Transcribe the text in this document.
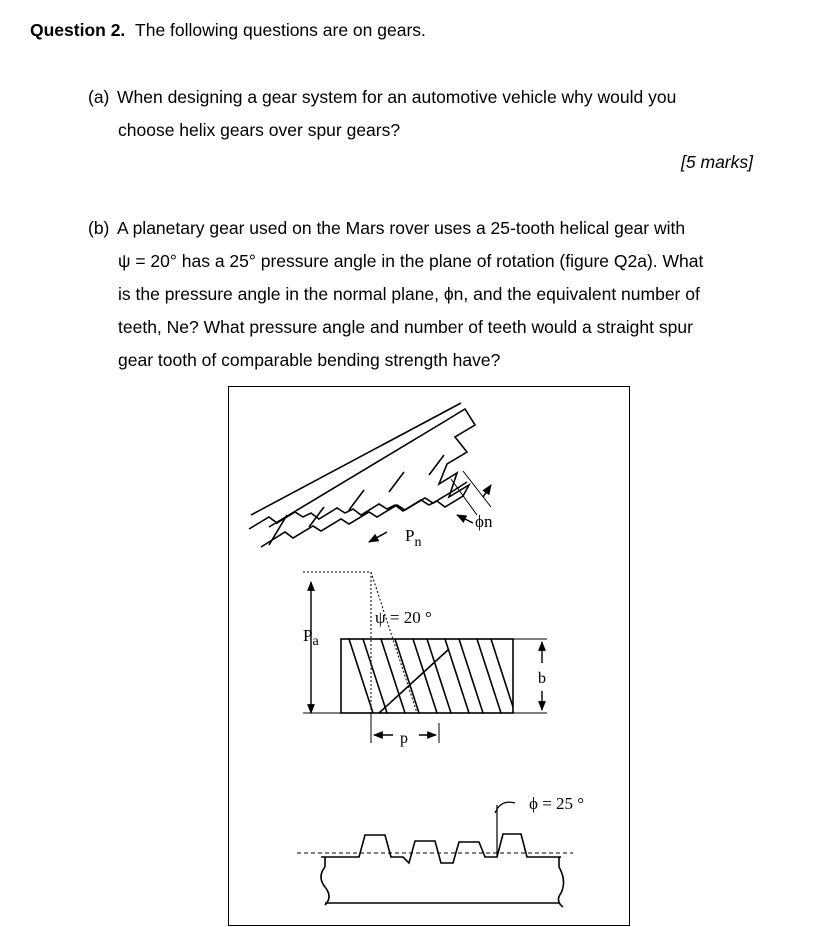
Question 2. The following questions are on gears.
(a) When designing a gear system for an automotive vehicle why would you
choose helix gears over spur gears?
[5 marks]
(b) A planetary gear used on the Mars rover uses a 25-tooth helical gear with
ψ = 20° has a 25° pressure angle in the plane of rotation (figure Q2a). What
is the pressure angle in the normal plane, ϕn, and the equivalent number of
teeth, Ne? What pressure angle and number of teeth would a straight spur
gear tooth of comparable bending strength have?
$P_n$
ϕn
ψ = 20 °
$P_a$
p
b
ϕ = 25 °
